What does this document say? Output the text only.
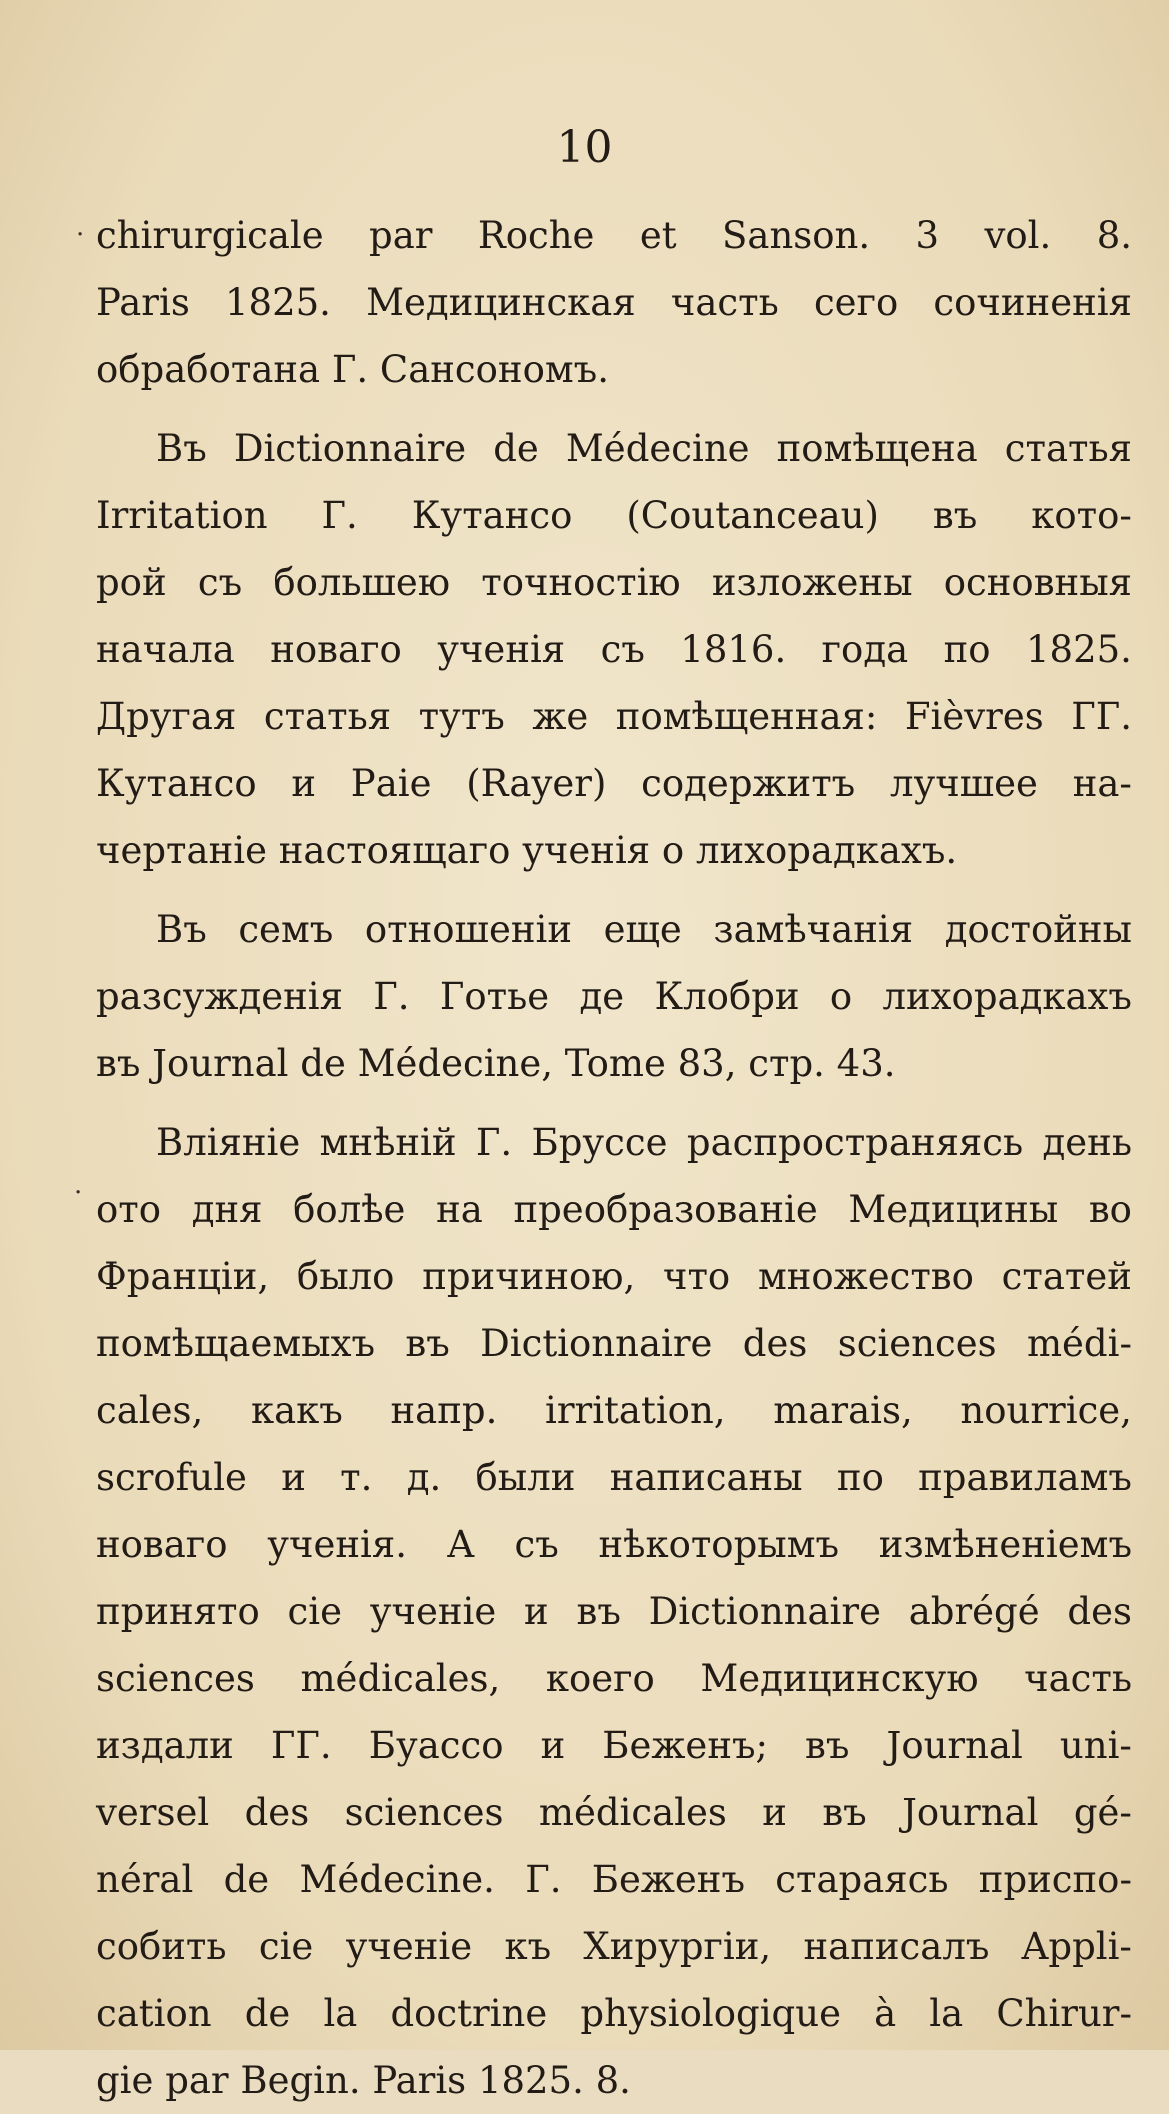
10
·
·
chirurgicale par Roche et Sanson. 3 vol. 8.
Paris 1825. Медицинская часть сего сочиненія
обработана
Г.
Сансономъ.

Въ Dictionnaire de Médecine помѣщена статья
Irritation Г. Кутансо (Coutanceau) въ кото-
рой съ большею точностію изложены основныя
начала новаго ученія съ 1816. года по 1825.
Другая статья тутъ же помѣщенная: Fièvres ГГ.
Кутансо и Раіе (Rayer) содержитъ лучшее на-
чертаніе
настоящаго
ученія
о
лихорадкахъ.

Въ семъ отношеніи еще замѣчанія достойны
разсужденія Г. Готье де Клобри о лихорадкахъ
въ
Journal
de
Médecine,
Tome
83,
стр.
43.

Вліяніе мнѣній Г. Бруссе распространяясь день
ото дня болѣе на преобразованіе Медицины во
Франціи, было причиною, что множество статей
помѣщаемыхъ въ Dictionnaire des sciences médi-
cales, какъ напр. irritation, marais, nourrice,
scrofule и т. д. были написаны по правиламъ
новаго ученія. А съ нѣкоторымъ измѣненіемъ
принято сіе ученіе и въ Dictionnaire abrégé des
sciences médicales, коего Медицинскую часть
издали ГГ. Буассо и Беженъ; въ Journal uni-
versel des sciences médicales и въ Journal gé-
néral de Médecine. Г. Беженъ стараясь приспо-
собить сіе ученіе къ Хирургіи, написалъ Appli-
cation de la doctrine physiologique à la Chirur-
gie
par
Begin.
Paris
1825.
8.
